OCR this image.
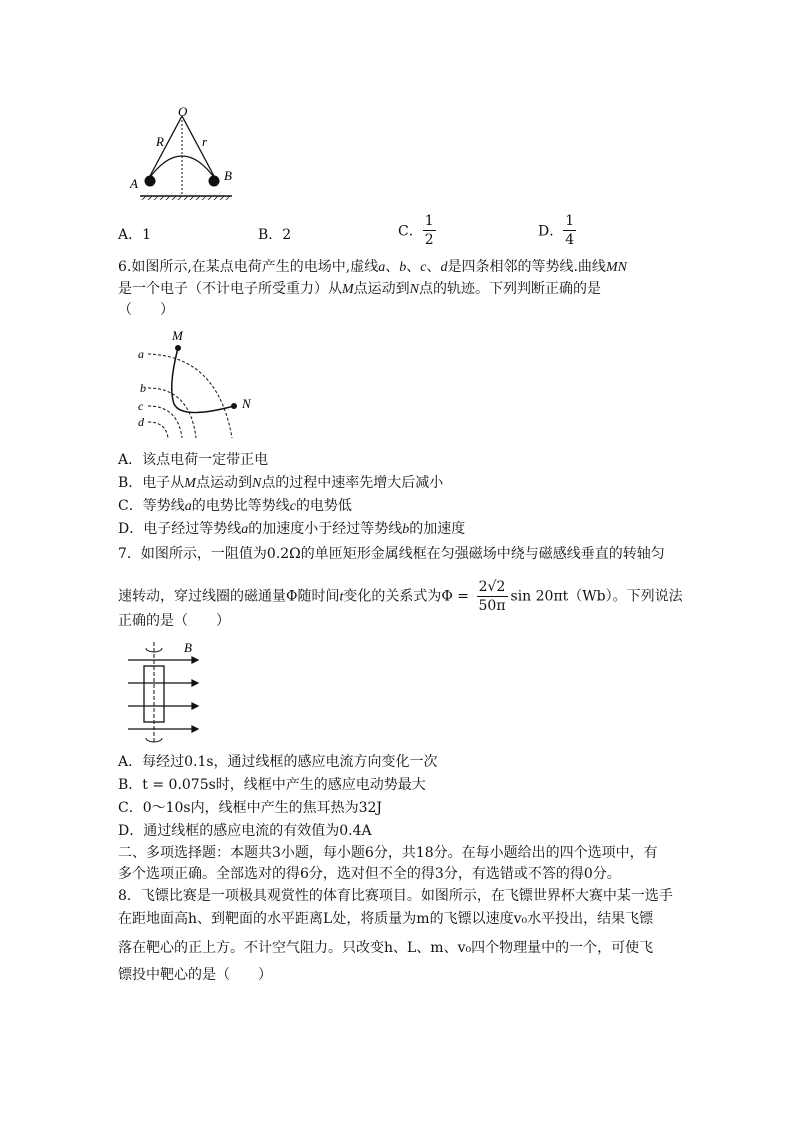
O
R	r
A
B
A．1	B．2	C． $\frac{1}{2}$	D． $\frac{1}{4}$
6.如图所示,在某点电荷产生的电场中,虚线a、b、c、d是四条相邻的等势线.曲线MN
是一个电子（不计电子所受重力）从M点运动到N点的轨迹。下列判断正确的是
（　　）
M
N
a
b
c
d
A．该点电荷一定带正电
B．电子从M点运动到N点的过程中速率先增大后减小
C．等势线a的电势比等势线c的电势低
D．电子经过等势线a的加速度小于经过等势线b的加速度
7．如图所示，一阻值为0.2Ω的单匝矩形金属线框在匀强磁场中绕与磁感线垂直的转轴匀
速转动，穿过线圈的磁通量Φ随时间t变化的关系式为$\Phi = \frac{2√2}{50\pi}$ sin 20πt（Wb）。下列说法
正确的是（　　）
B
A．每经过0.1s，通过线框的感应电流方向变化一次
B．t = 0.075s时，线框中产生的感应电动势最大
C．0～10s内，线框中产生的焦耳热为32J
D．通过线框的感应电流的有效值为0.4A
二、多项选择题：本题共3小题，每小题6分，共18分。在每小题给出的四个选项中，有
多个选项正确。全部选对的得6分，选对但不全的得3分，有选错或不答的得0分。
8．飞镖比赛是一项极具观赏性的体育比赛项目。如图所示，在飞镖世界杯大赛中某一选手
在距地面高h、到靶面的水平距离L处，将质量为m的飞镖以速度v₀水平投出，结果飞镖
落在靶心的正上方。不计空气阻力。只改变h、L、m、v₀四个物理量中的一个，可使飞
镖投中靶心的是（　　）
